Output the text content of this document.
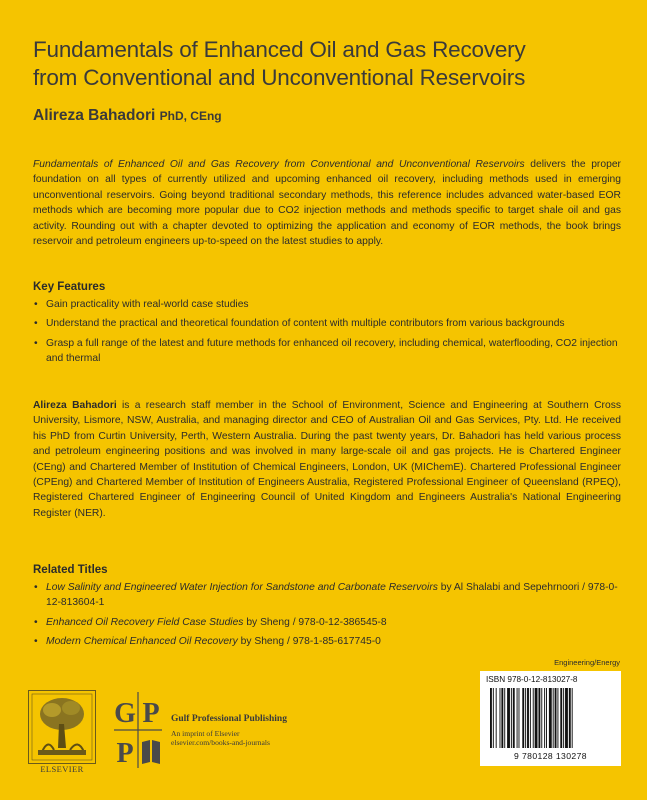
Fundamentals of Enhanced Oil and Gas Recovery
from Conventional and Unconventional Reservoirs
Alireza Bahadori PhD, CEng
Fundamentals of Enhanced Oil and Gas Recovery from Conventional and Unconventional Reservoirs delivers the proper foundation on all types of currently utilized and upcoming enhanced oil recovery, including methods used in emerging unconventional reservoirs. Going beyond traditional secondary methods, this reference includes advanced water-based EOR methods which are becoming more popular due to CO2 injection methods and methods specific to target shale oil and gas activity. Rounding out with a chapter devoted to optimizing the application and economy of EOR methods, the book brings reservoir and petroleum engineers up-to-speed on the latest studies to apply.
Key Features
• Gain practicality with real-world case studies
• Understand the practical and theoretical foundation of content with multiple contributors from various backgrounds
• Grasp a full range of the latest and future methods for enhanced oil recovery, including chemical, waterflooding, CO2 injection and thermal
Alireza Bahadori is a research staff member in the School of Environment, Science and Engineering at Southern Cross University, Lismore, NSW, Australia, and managing director and CEO of Australian Oil and Gas Services, Pty. Ltd. He received his PhD from Curtin University, Perth, Western Australia. During the past twenty years, Dr. Bahadori has held various process and petroleum engineering positions and was involved in many large-scale oil and gas projects. He is Chartered Engineer (CEng) and Chartered Member of Institution of Chemical Engineers, London, UK (MIChemE). Chartered Professional Engineer (CPEng) and Chartered Member of Institution of Engineers Australia, Registered Professional Engineer of Queensland (RPEQ), Registered Chartered Engineer of Engineering Council of United Kingdom and Engineers Australia's National Engineering Register (NER).
Related Titles
• Low Salinity and Engineered Water Injection for Sandstone and Carbonate Reservoirs by Al Shalabi and Sepehrnoori / 978-0-12-813604-1
• Enhanced Oil Recovery Field Case Studies by Sheng / 978-0-12-386545-8
• Modern Chemical Enhanced Oil Recovery by Sheng / 978-1-85-617745-0
Engineering/Energy
ISBN 978-0-12-813027-8
9 780128 130278
ELSEVIER
G P
P
Gulf Professional Publishing
An imprint of Elsevier
elsevier.com/books-and-journals
